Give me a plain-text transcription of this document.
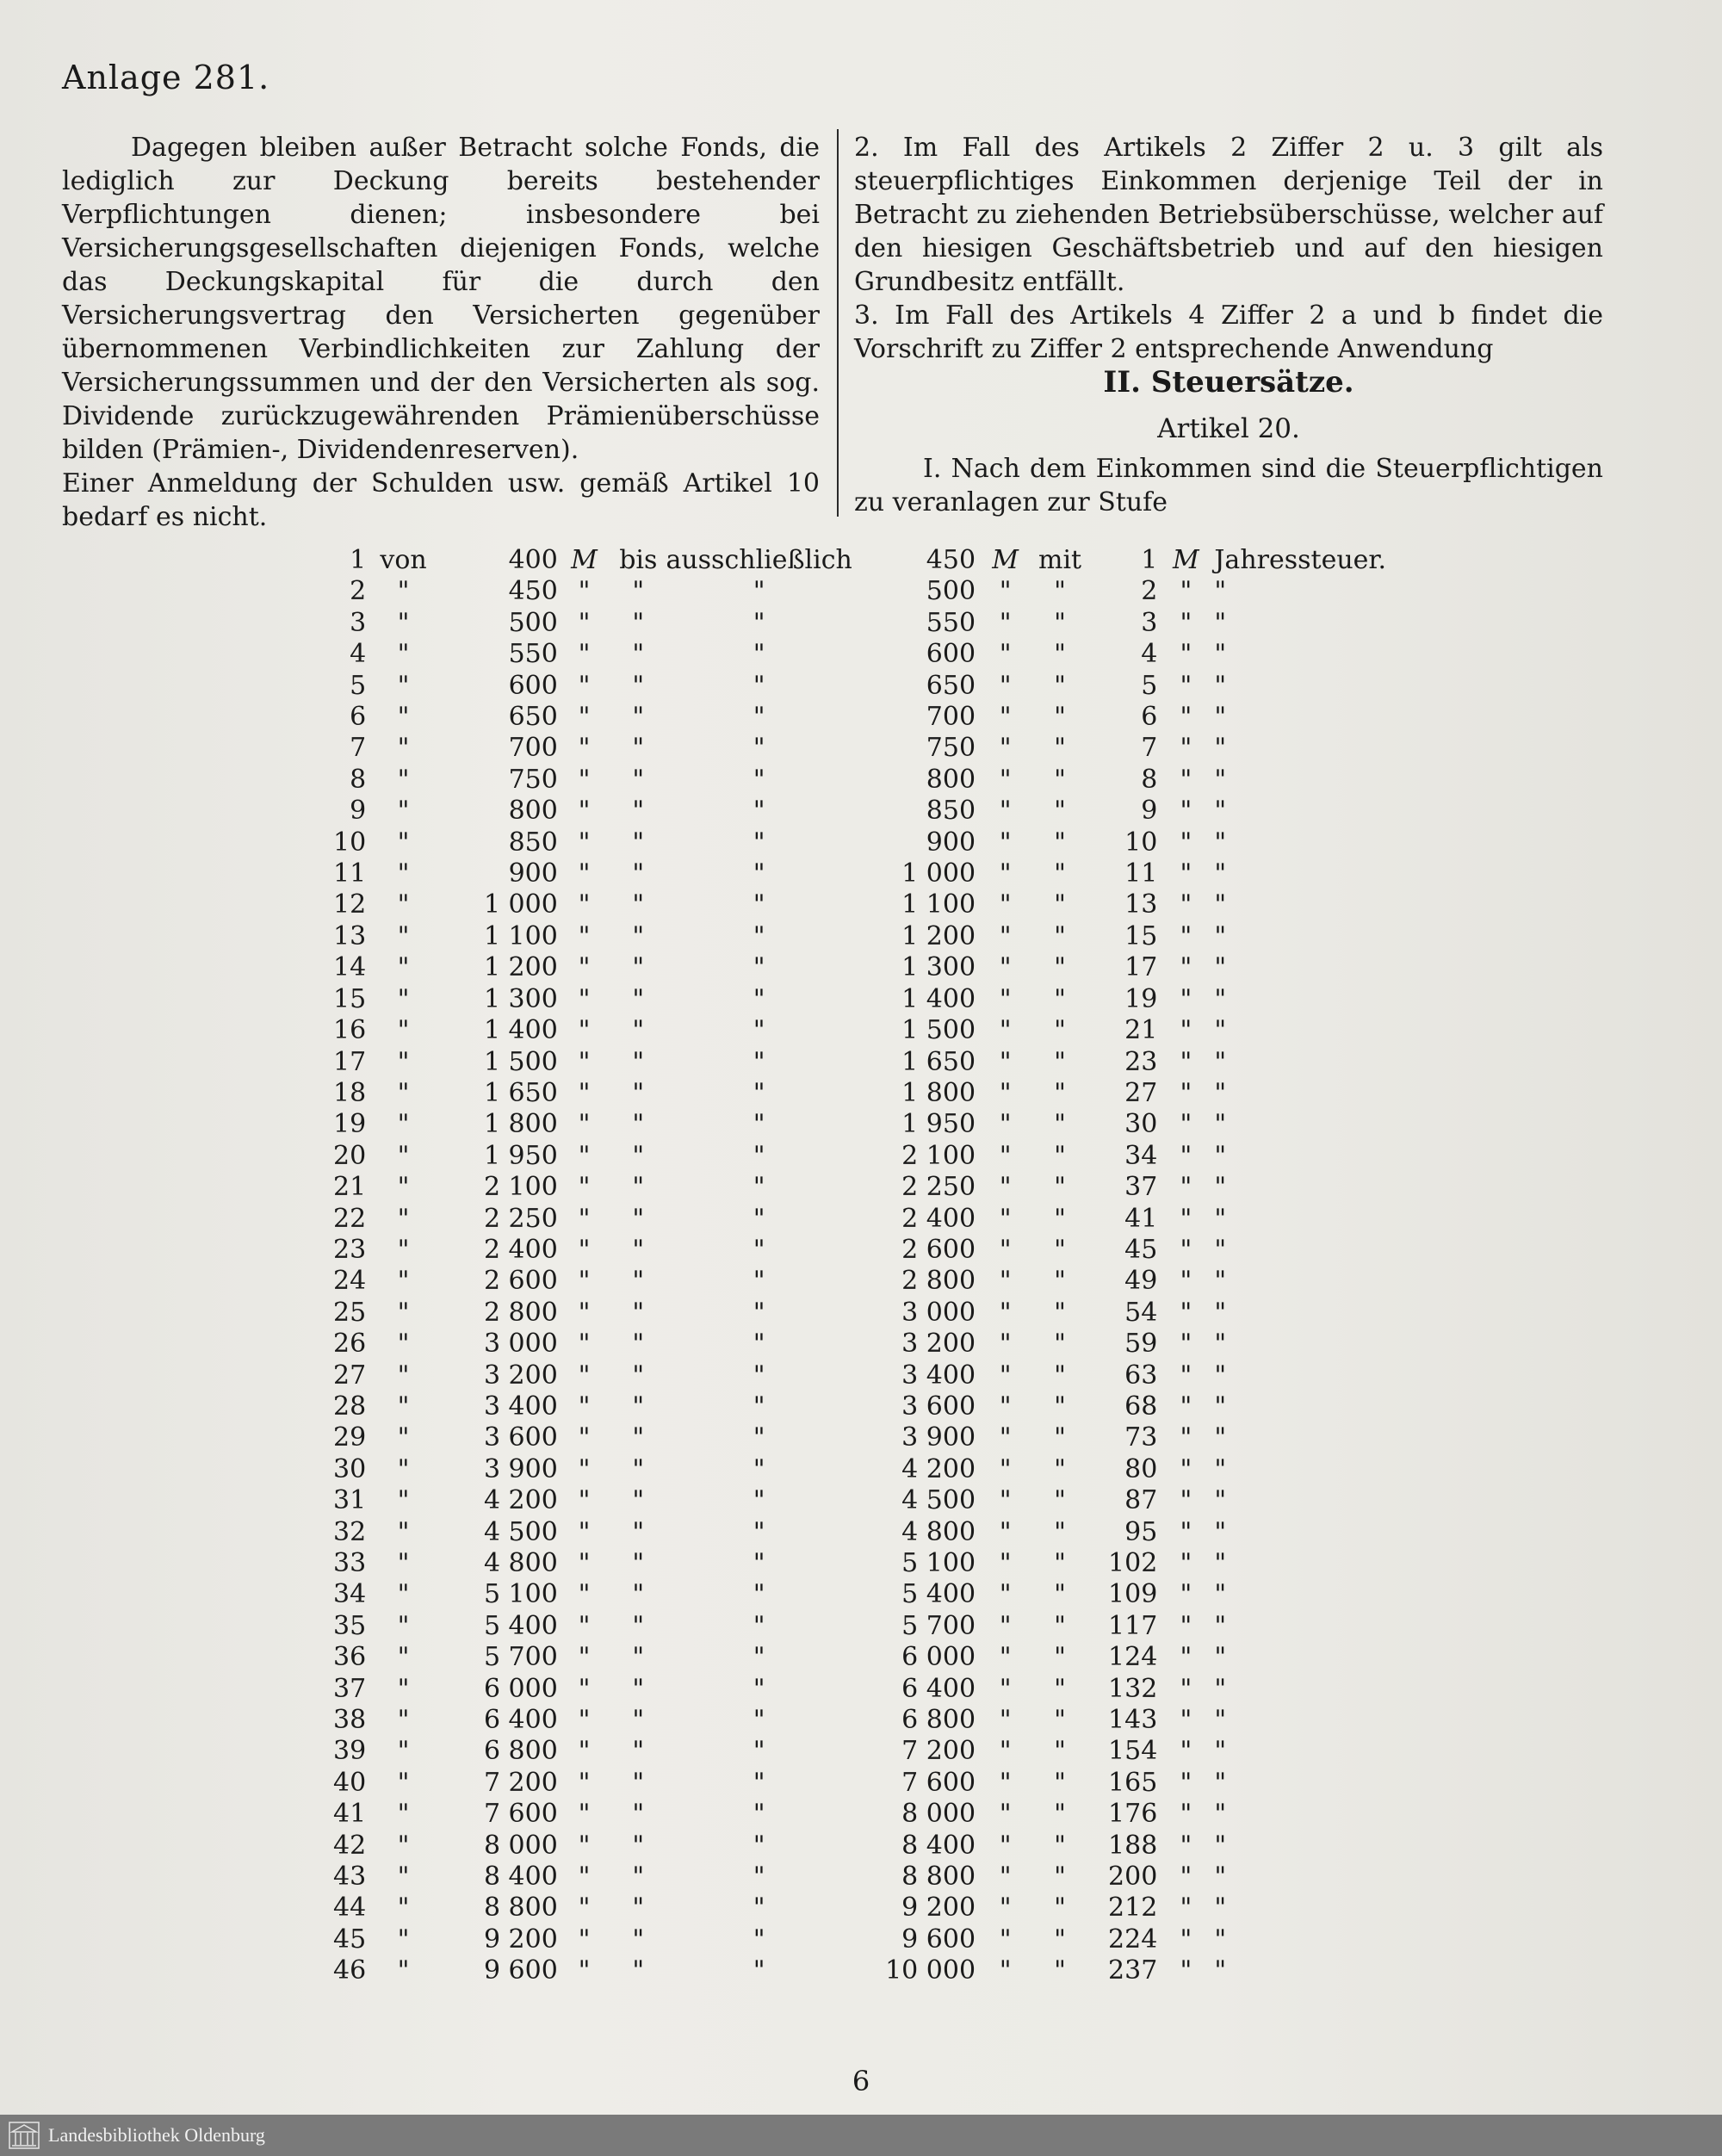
Anlage 281.

Dagegen bleiben außer Betracht solche Fonds, die lediglich zur Deckung bereits bestehender Verpflichtungen dienen; insbesondere bei Versicherungsgesellschaften diejenigen Fonds, welche das Deckungskapital für die durch den Versicherungsvertrag den Versicherten gegenüber übernommenen Verbindlichkeiten zur Zahlung der Versicherungssummen und der den Versicherten als sog. Dividende zurückzugewährenden Prämienüberschüsse bilden (Prämien-, Dividendenreserven).

Einer Anmeldung der Schulden usw. gemäß Artikel 10 bedarf es nicht.

2. Im Fall des Artikels 2 Ziffer 2 u. 3 gilt als steuerpflichtiges Einkommen derjenige Teil der in Betracht zu ziehenden Betriebsüberschüsse, welcher auf den hiesigen Geschäftsbetrieb und auf den hiesigen Grundbesitz entfällt.
3. Im Fall des Artikels 4 Ziffer 2 a und b findet die Vorschrift zu Ziffer 2 entsprechende Anwendung
II. Steuersätze.
Artikel 20.
I. Nach dem Einkommen sind die Steuerpflichtigen zu veranlagen zur Stufe
1	von	400	M	bis	ausschließlich	450	M	mit	1	M	Jahressteuer.
2	"	450	"	"	"	500	"	"	2	"	"
3	"	500	"	"	"	550	"	"	3	"	"
4	"	550	"	"	"	600	"	"	4	"	"
5	"	600	"	"	"	650	"	"	5	"	"
6	"	650	"	"	"	700	"	"	6	"	"
7	"	700	"	"	"	750	"	"	7	"	"
8	"	750	"	"	"	800	"	"	8	"	"
9	"	800	"	"	"	850	"	"	9	"	"
10	"	850	"	"	"	900	"	"	10	"	"
11	"	900	"	"	"	1 000	"	"	11	"	"
12	"	1 000	"	"	"	1 100	"	"	13	"	"
13	"	1 100	"	"	"	1 200	"	"	15	"	"
14	"	1 200	"	"	"	1 300	"	"	17	"	"
15	"	1 300	"	"	"	1 400	"	"	19	"	"
16	"	1 400	"	"	"	1 500	"	"	21	"	"
17	"	1 500	"	"	"	1 650	"	"	23	"	"
18	"	1 650	"	"	"	1 800	"	"	27	"	"
19	"	1 800	"	"	"	1 950	"	"	30	"	"
20	"	1 950	"	"	"	2 100	"	"	34	"	"
21	"	2 100	"	"	"	2 250	"	"	37	"	"
22	"	2 250	"	"	"	2 400	"	"	41	"	"
23	"	2 400	"	"	"	2 600	"	"	45	"	"
24	"	2 600	"	"	"	2 800	"	"	49	"	"
25	"	2 800	"	"	"	3 000	"	"	54	"	"
26	"	3 000	"	"	"	3 200	"	"	59	"	"
27	"	3 200	"	"	"	3 400	"	"	63	"	"
28	"	3 400	"	"	"	3 600	"	"	68	"	"
29	"	3 600	"	"	"	3 900	"	"	73	"	"
30	"	3 900	"	"	"	4 200	"	"	80	"	"
31	"	4 200	"	"	"	4 500	"	"	87	"	"
32	"	4 500	"	"	"	4 800	"	"	95	"	"
33	"	4 800	"	"	"	5 100	"	"	102	"	"
34	"	5 100	"	"	"	5 400	"	"	109	"	"
35	"	5 400	"	"	"	5 700	"	"	117	"	"
36	"	5 700	"	"	"	6 000	"	"	124	"	"
37	"	6 000	"	"	"	6 400	"	"	132	"	"
38	"	6 400	"	"	"	6 800	"	"	143	"	"
39	"	6 800	"	"	"	7 200	"	"	154	"	"
40	"	7 200	"	"	"	7 600	"	"	165	"	"
41	"	7 600	"	"	"	8 000	"	"	176	"	"
42	"	8 000	"	"	"	8 400	"	"	188	"	"
43	"	8 400	"	"	"	8 800	"	"	200	"	"
44	"	8 800	"	"	"	9 200	"	"	212	"	"
45	"	9 200	"	"	"	9 600	"	"	224	"	"
46	"	9 600	"	"	"	10 000	"	"	237	"	"
6
Landesbibliothek Oldenburg
